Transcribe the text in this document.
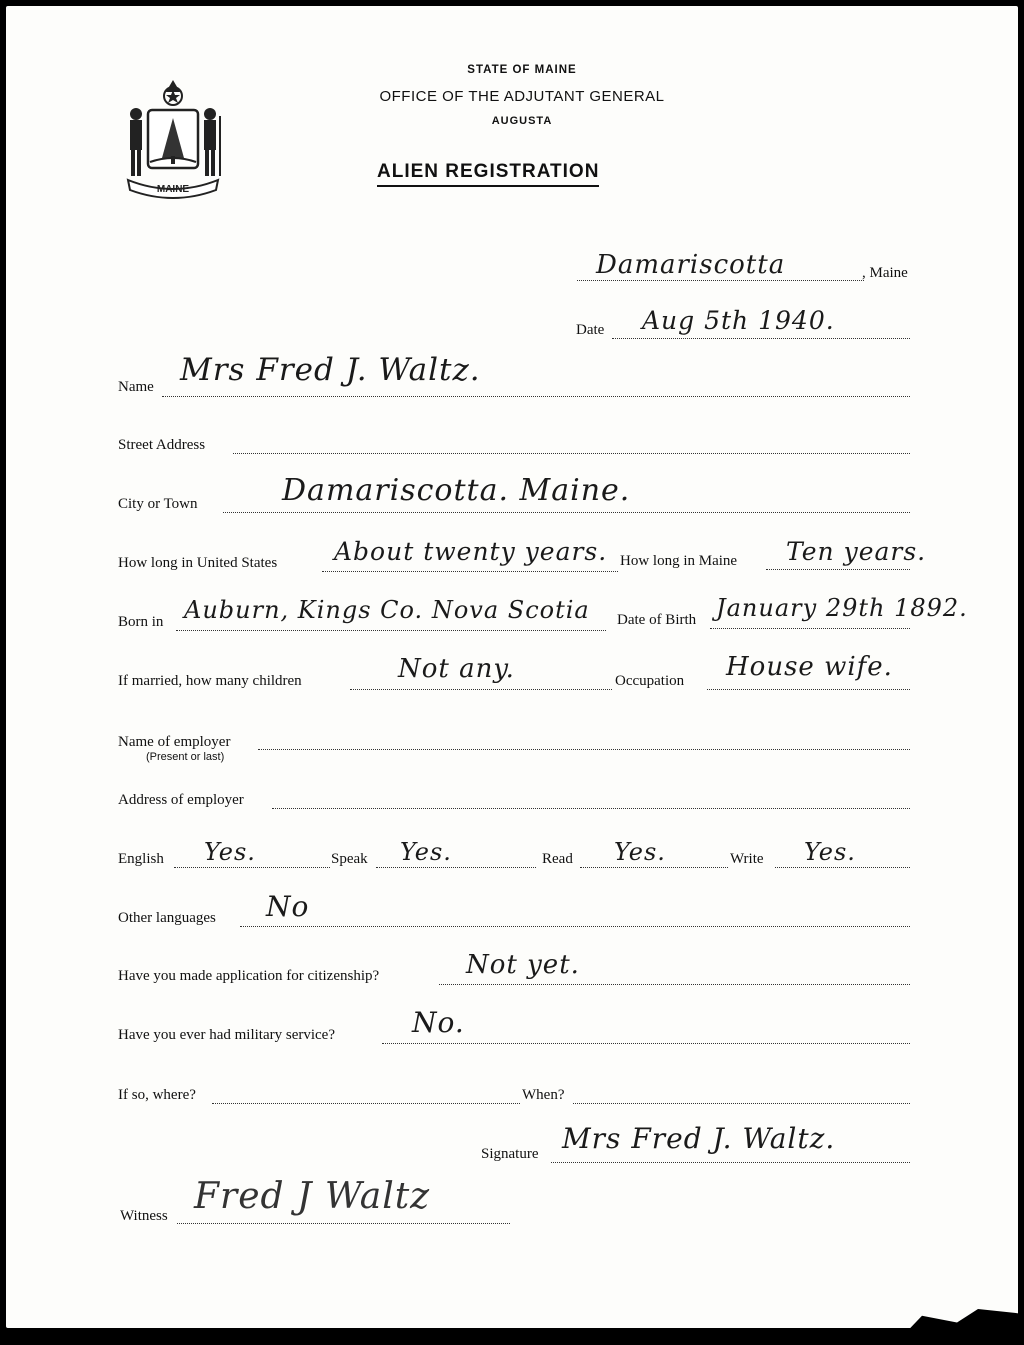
MAINE
STATE OF MAINE
OFFICE OF THE ADJUTANT GENERAL
AUGUSTA
ALIEN REGISTRATION
Damariscotta	, Maine
Date Aug 5th 1940.
Name Mrs Fred J. Waltz.
Street Address
City or Town	Damariscotta. Maine.
How long in United States About twenty years. How long in Maine Ten years.
Born in Auburn, Kings Co. Nova Scotia Date of Birth January 29th 1892.
If married, how many children	Not any.	Occupation House wife.
Name of employer
(Present or last)
Address of employer
English Yes.	Speak Yes.	Read Yes.	Write Yes.
Other languages No
Have you made application for citizenship?	Not yet.
Have you ever had military service?	No.
If so, where?	When?
Signature Mrs Fred J. Waltz.
Witness Fred J Waltz
